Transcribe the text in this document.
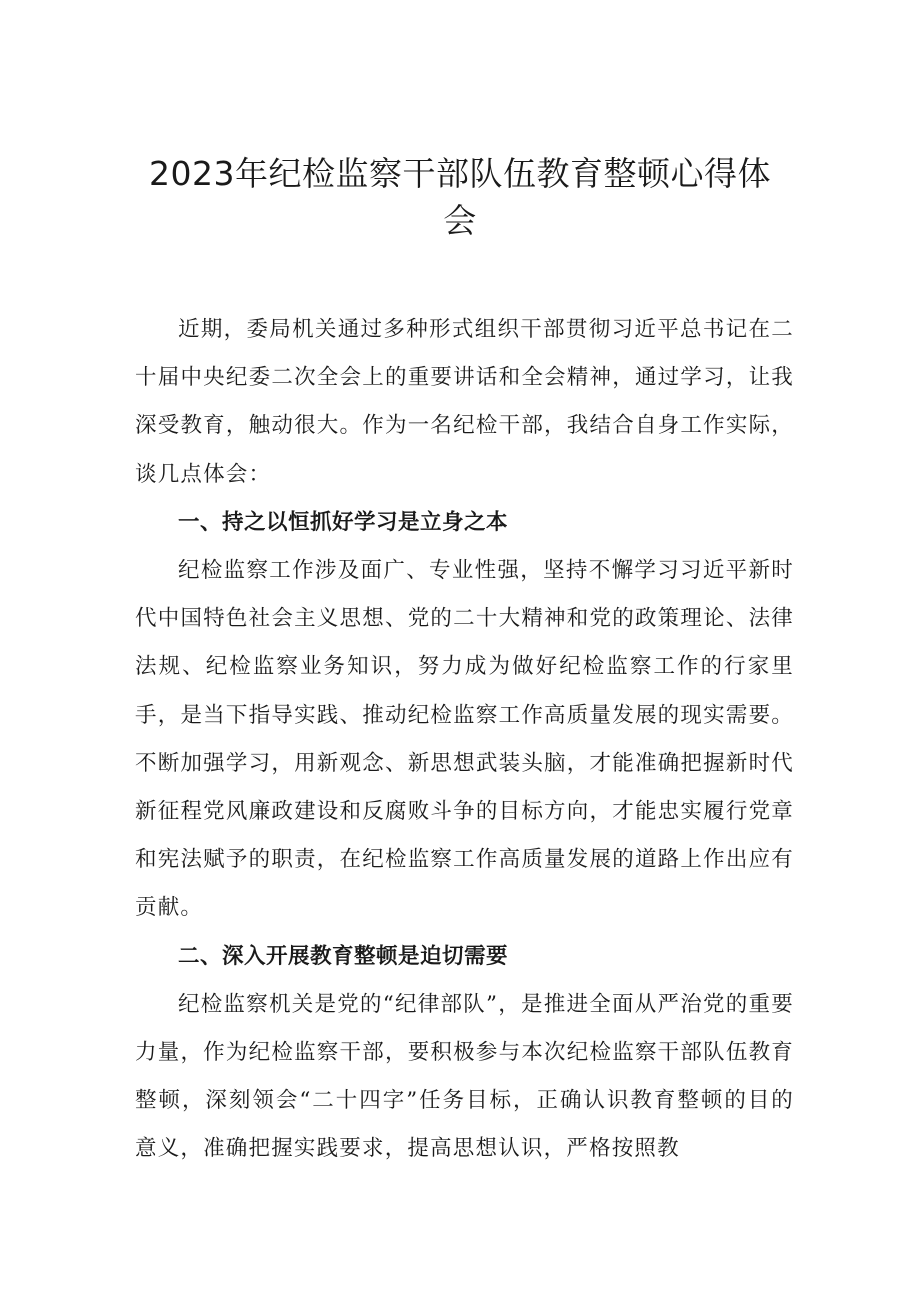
2023年纪检监察干部队伍教育整顿心得体会

近期，委局机关通过多种形式组织干部贯彻习近平总书记在二十届中央纪委二次全会上的重要讲话和全会精神，通过学习，让我深受教育，触动很大。作为一名纪检干部，我结合自身工作实际，谈几点体会：

一、持之以恒抓好学习是立身之本

纪检监察工作涉及面广、专业性强，坚持不懈学习习近平新时代中国特色社会主义思想、党的二十大精神和党的政策理论、法律法规、纪检监察业务知识，努力成为做好纪检监察工作的行家里手，是当下指导实践、推动纪检监察工作高质量发展的现实需要。不断加强学习，用新观念、新思想武装头脑，才能准确把握新时代新征程党风廉政建设和反腐败斗争的目标方向，才能忠实履行党章和宪法赋予的职责，在纪检监察工作高质量发展的道路上作出应有贡献。

二、深入开展教育整顿是迫切需要

纪检监察机关是党的“纪律部队”，是推进全面从严治党的重要力量，作为纪检监察干部，要积极参与本次纪检监察干部队伍教育整顿，深刻领会“二十四字”任务目标，正确认识教育整顿的目的意义，准确把握实践要求，提高思想认识，严格按照教
